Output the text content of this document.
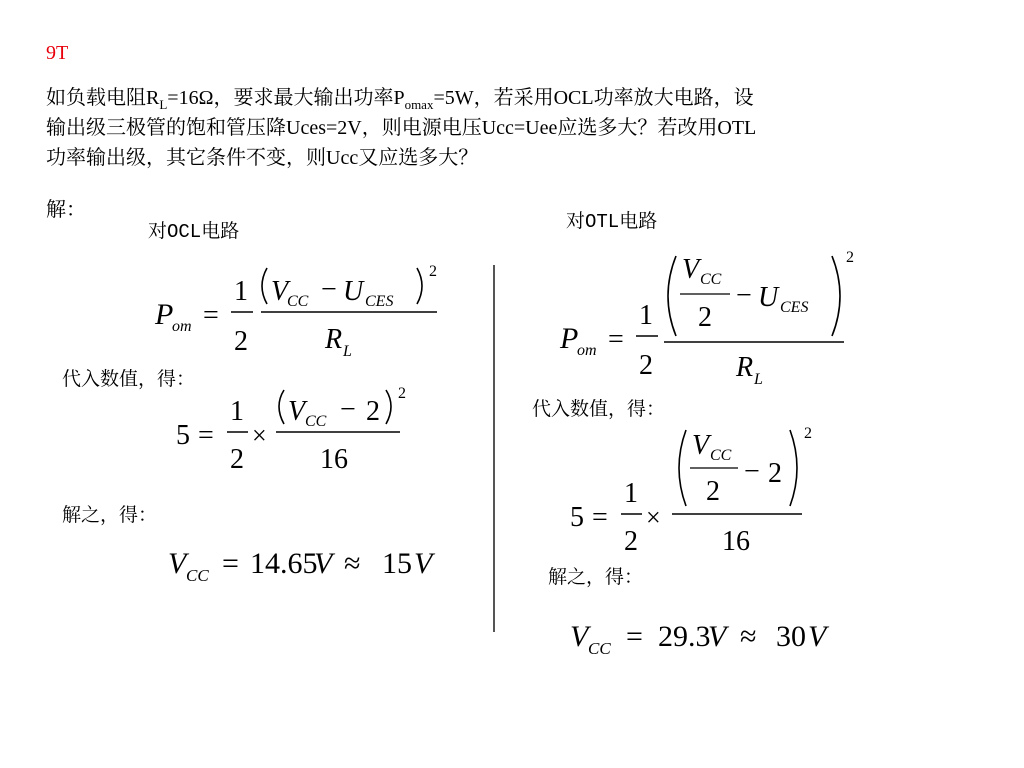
9T
如负载电阻$R_L=16\Omega$，要求最大输出功率$P_{omax}=5W$，若采用OCL功率放大电路，设
输出级三极管的饱和管压降Uces=2V，则电源电压Ucc=Uee应选多大？若改用OTL
功率输出级，其它条件不变，则Ucc又应选多大？
解：
对OCL电路	对OTL电路
P
om =
1
2
V
CC − U CES
2
R L
代入数值，得：
5 =
1
2
×
V CC − 2
2
16
解之，得：
V CC = 14.65
V ≈ 15 V
P
om =
1
2
V CC
2
− U CES
2
R L
代入数值，得：
5 =
1
2
×
V CC
2
− 2
2
16
解之，得：
V CC = 29.3
V ≈ 30 V
